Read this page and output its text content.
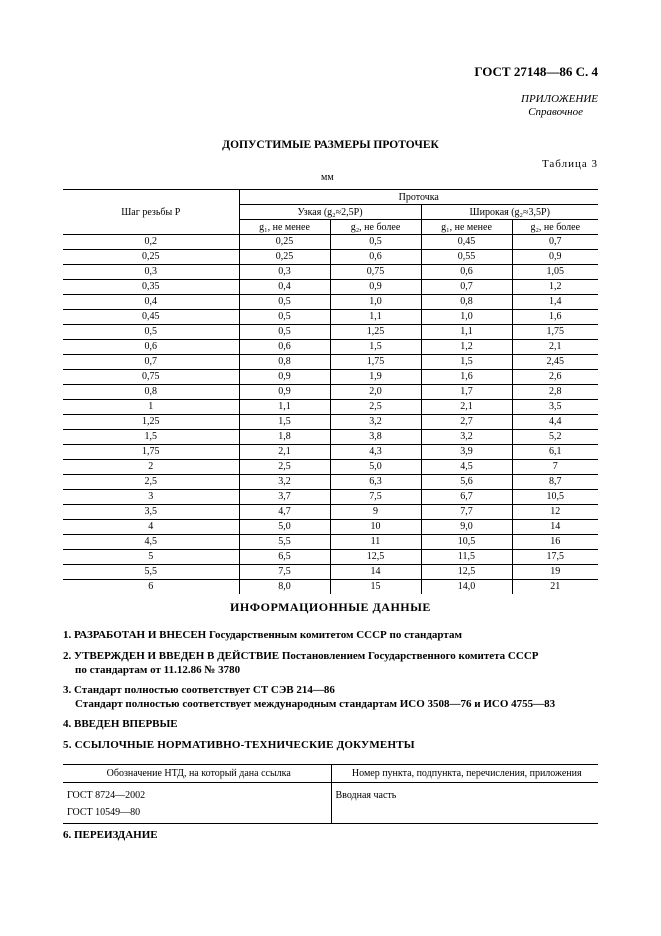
ГОСТ 27148—86 С. 4
ПРИЛОЖЕНИЕ
Справочное
ДОПУСТИМЫЕ РАЗМЕРЫ ПРОТОЧЕК
Таблица 3
мм
Шаг резьбы Р	Проточка			
	Узкая (g₂≈2,5P)		Широкая (g₂≈3,5P)	
	g₁, не менее	g₂, не более	g₁, не менее	g₂, не более
0,2	0,25	0,5	0,45	0,7
0,25	0,25	0,6	0,55	0,9
0,3	0,3	0,75	0,6	1,05
0,35	0,4	0,9	0,7	1,2
0,4	0,5	1,0	0,8	1,4
0,45	0,5	1,1	1,0	1,6
0,5	0,5	1,25	1,1	1,75
0,6	0,6	1,5	1,2	2,1
0,7	0,8	1,75	1,5	2,45
0,75	0,9	1,9	1,6	2,6
0,8	0,9	2,0	1,7	2,8
1	1,1	2,5	2,1	3,5
1,25	1,5	3,2	2,7	4,4
1,5	1,8	3,8	3,2	5,2
1,75	2,1	4,3	3,9	6,1
2	2,5	5,0	4,5	7
2,5	3,2	6,3	5,6	8,7
3	3,7	7,5	6,7	10,5
3,5	4,7	9	7,7	12
4	5,0	10	9,0	14
4,5	5,5	11	10,5	16
5	6,5	12,5	11,5	17,5
5,5	7,5	14	12,5	19
6	8,0	15	14,0	21
ИНФОРМАЦИОННЫЕ ДАННЫЕ
1. РАЗРАБОТАН И ВНЕСЕН Государственным комитетом СССР по стандартам
2. УТВЕРЖДЕН И ВВЕДЕН В ДЕЙСТВИЕ Постановлением Государственного комитета СССР
по стандартам от 11.12.86 № 3780
3. Стандарт полностью соответствует СТ СЭВ 214—86
Стандарт полностью соответствует международным стандартам ИСО 3508—76 и ИСО 4755—83
4. ВВЕДЕН ВПЕРВЫЕ
5. ССЫЛОЧНЫЕ НОРМАТИВНО-ТЕХНИЧЕСКИЕ ДОКУМЕНТЫ
Обозначение НТД, на который дана ссылка	Номер пункта, подпункта, перечисления, приложения

ГОСТ 8724—2002
ГОСТ 10549—80	Вводная часть
6. ПЕРЕИЗДАНИЕ
